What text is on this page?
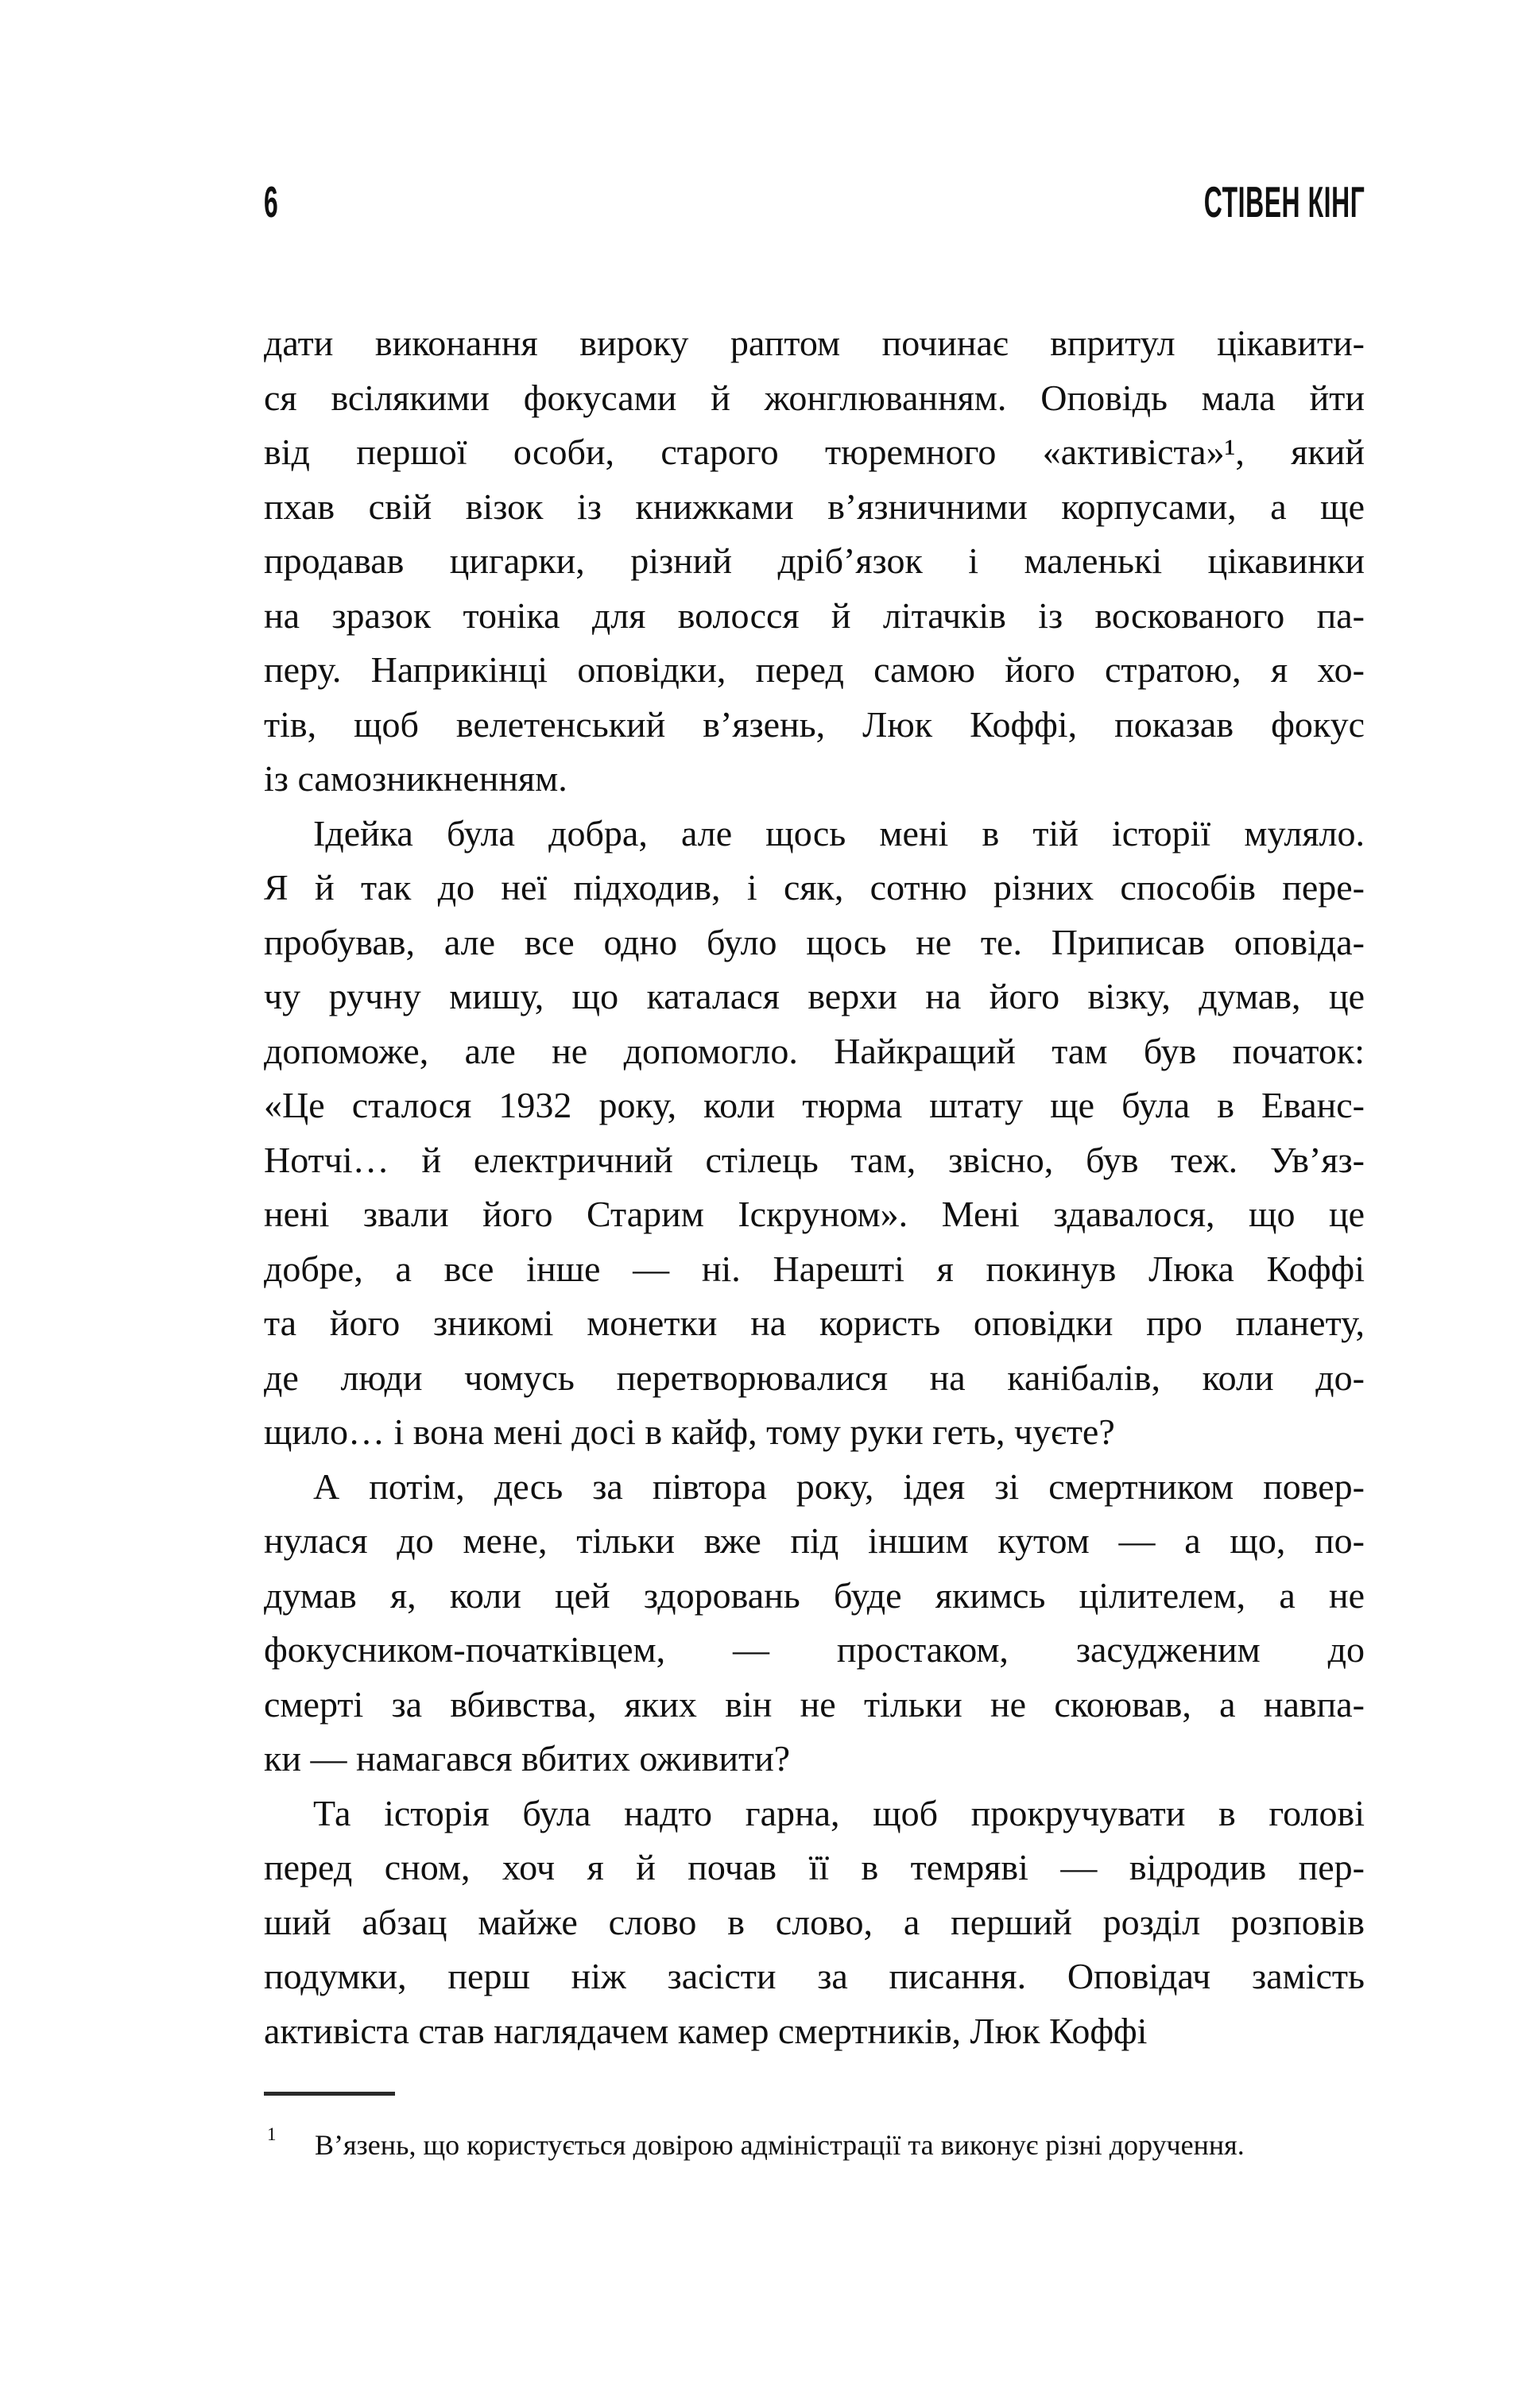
6	СТІВЕН КІНГ
дати виконання вироку раптом починає впритул цікавити-
ся всілякими фокусами й жонглюванням. Оповідь мала йти
від першої особи, старого тюремного «активіста»¹, який
пхав свій візок із книжками в’язничними корпусами, а ще
продавав цигарки, різний дріб’язок і маленькі цікавинки
на зразок тоніка для волосся й літачків із воскованого па-
перу. Наприкінці оповідки, перед самою його стратою, я хо-
тів, щоб велетенський в’язень, Люк Коффі, показав фокус
із самозникненням.
Ідейка була добра, але щось мені в тій історії муляло.
Я й так до неї підходив, і сяк, сотню різних способів пере-
пробував, але все одно було щось не те. Приписав оповіда-
чу ручну мишу, що каталася верхи на його візку, думав, це
допоможе, але не допомогло. Найкращий там був початок:
«Це сталося 1932 року, коли тюрма штату ще була в Еванс-
Нотчі… й електричний стілець там, звісно, був теж. Ув’яз-
нені звали його Старим Іскруном». Мені здавалося, що це
добре, а все інше — ні. Нарешті я покинув Люка Коффі
та його зникомі монетки на користь оповідки про планету,
де люди чомусь перетворювалися на канібалів, коли до-
щило… і вона мені досі в кайф, тому руки геть, чуєте?
А потім, десь за півтора року, ідея зі смертником повер-
нулася до мене, тільки вже під іншим кутом — а що, по-
думав я, коли цей здоровань буде якимсь цілителем, а не
фокусником-початківцем, — простаком, засудженим до
смерті за вбивства, яких він не тільки не скоював, а навпа-
ки — намагався вбитих оживити?
Та історія була надто гарна, щоб прокручувати в голові
перед сном, хоч я й почав її в темряві — відродив пер-
ший абзац майже слово в слово, а перший розділ розповів
подумки, перш ніж засісти за писання. Оповідач замість
активіста став наглядачем камер смертників, Люк Коффі
$^1$ В’язень, що користується довірою адміністрації та виконує різні доручення.
